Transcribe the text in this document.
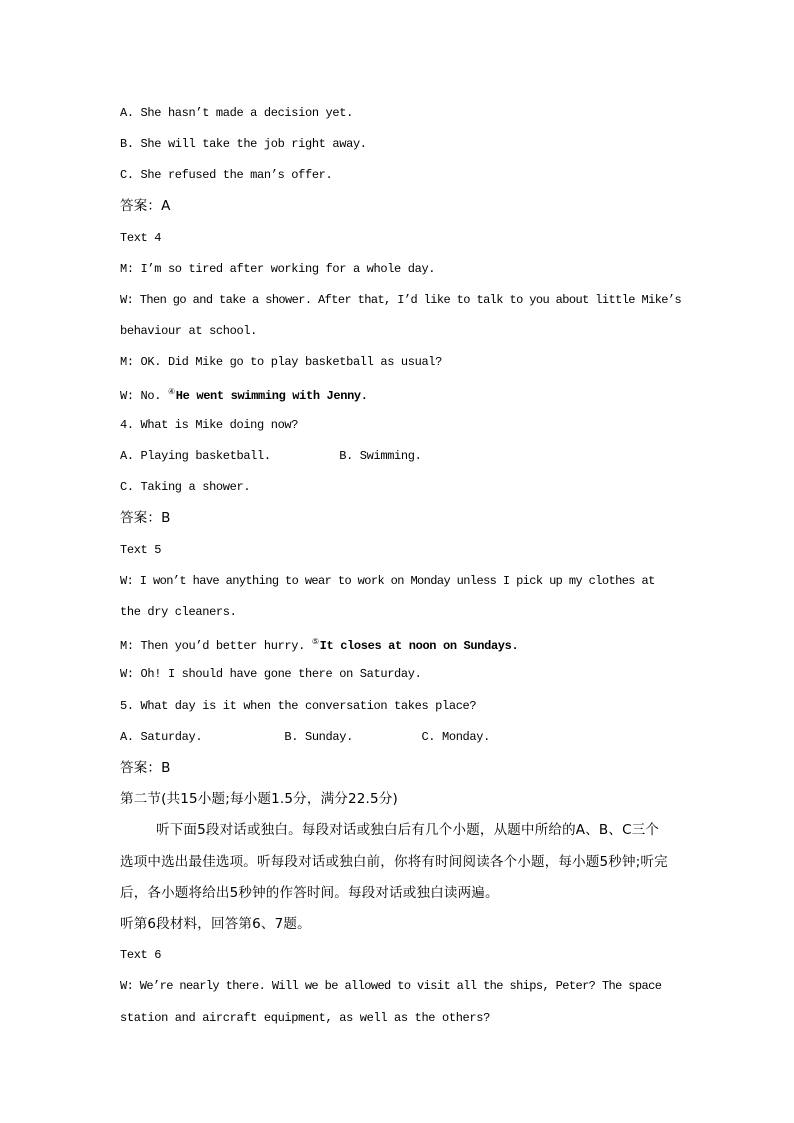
A. She hasn’t made a decision yet.
B. She will take the job right away.
C. She refused the man’s offer.
答案：A
Text 4
M: I’m so tired after working for a whole day.
W: Then go and take a shower. After that, I’d like to talk to you about little Mike’s
behaviour at school.
M: OK. Did Mike go to play basketball as usual?
W: No. ④He went swimming with Jenny.
4. What is Mike doing now?
A. Playing basketball.          B. Swimming.
C. Taking a shower.
答案：B
Text 5
W: I won’t have anything to wear to work on Monday unless I pick up my clothes at
the dry cleaners.
M: Then you’d better hurry. ⑤It closes at noon on Sundays.
W: Oh! I should have gone there on Saturday.
5. What day is it when the conversation takes place?
A. Saturday.            B. Sunday.          C. Monday.
答案：B
第二节(共15小题;每小题1.5分，满分22.5分)
听下面5段对话或独白。每段对话或独白后有几个小题，从题中所给的A、B、C三个
选项中选出最佳选项。听每段对话或独白前，你将有时间阅读各个小题，每小题5秒钟;听完
后，各小题将给出5秒钟的作答时间。每段对话或独白读两遍。
听第6段材料，回答第6、7题。
Text 6
W: We’re nearly there. Will we be allowed to visit all the ships, Peter? The space
station and aircraft equipment, as well as the others?
